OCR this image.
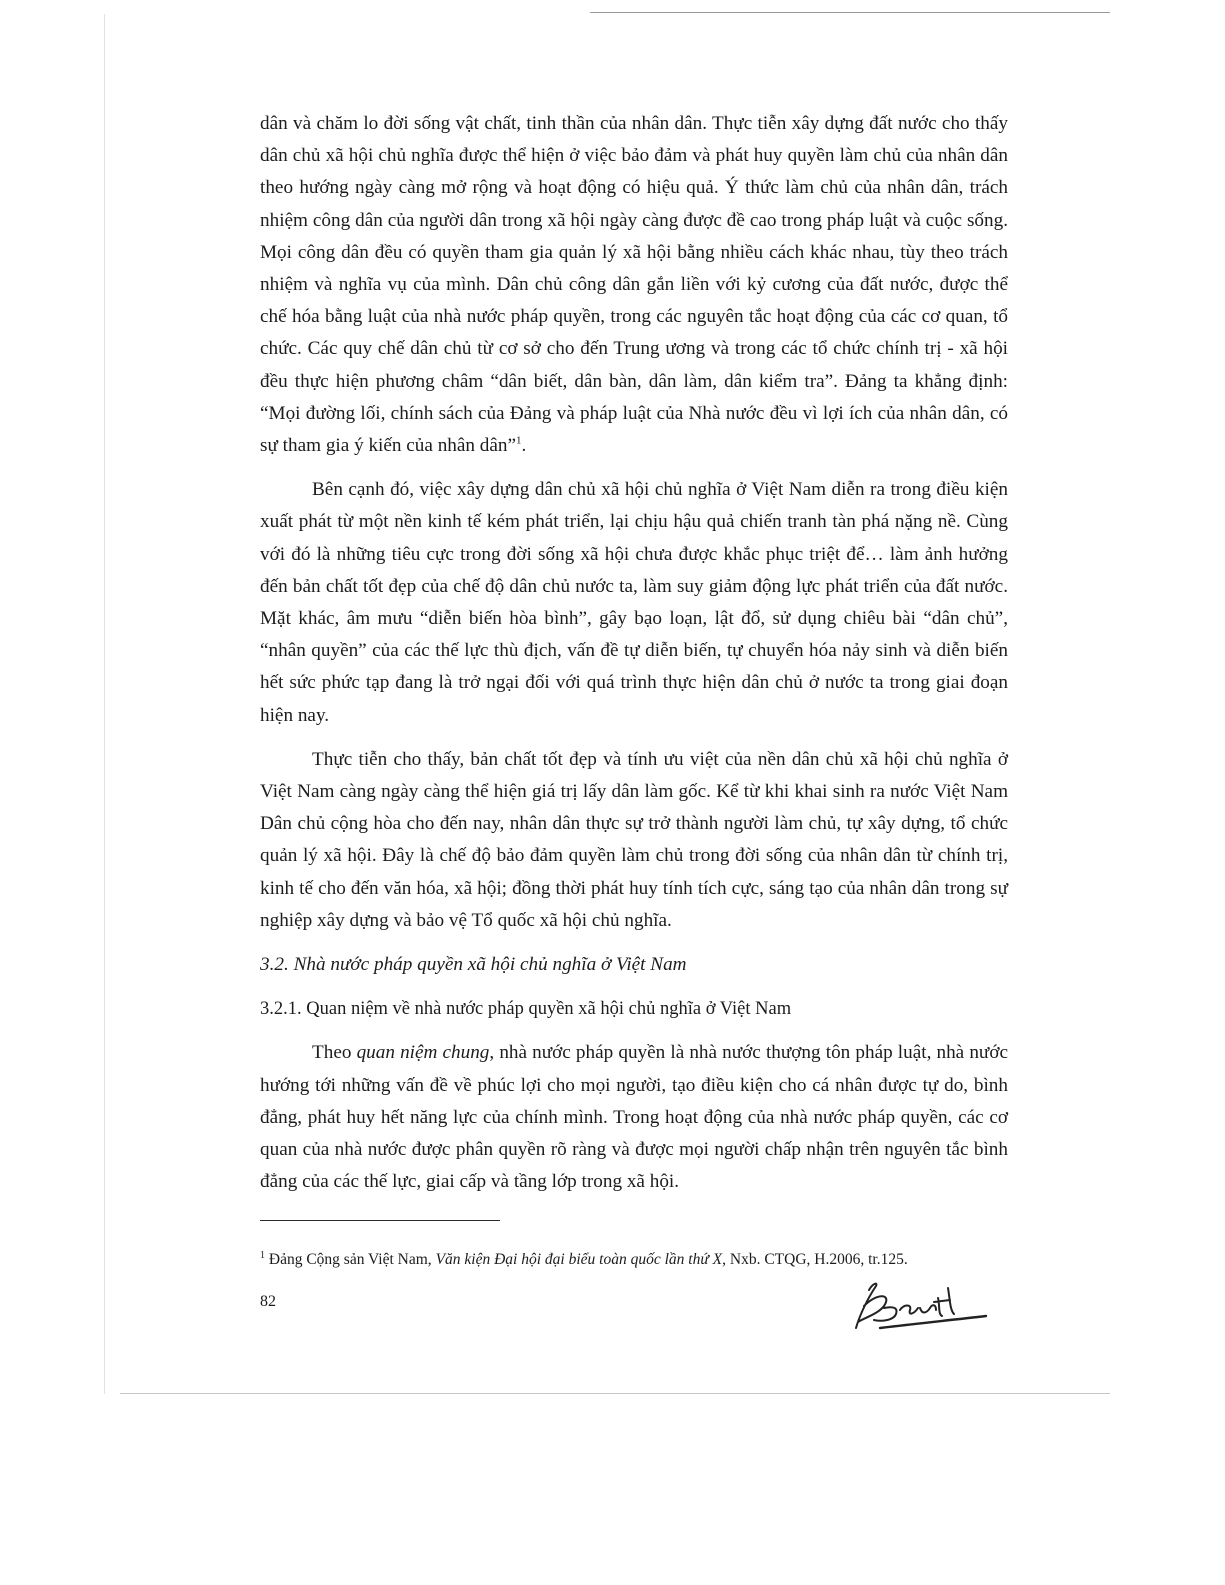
dân và chăm lo đời sống vật chất, tinh thần của nhân dân. Thực tiễn xây dựng đất nước cho thấy dân chủ xã hội chủ nghĩa được thể hiện ở việc bảo đảm và phát huy quyền làm chủ của nhân dân theo hướng ngày càng mở rộng và hoạt động có hiệu quả. Ý thức làm chủ của nhân dân, trách nhiệm công dân của người dân trong xã hội ngày càng được đề cao trong pháp luật và cuộc sống. Mọi công dân đều có quyền tham gia quản lý xã hội bằng nhiều cách khác nhau, tùy theo trách nhiệm và nghĩa vụ của mình. Dân chủ công dân gắn liền với kỷ cương của đất nước, được thể chế hóa bằng luật của nhà nước pháp quyền, trong các nguyên tắc hoạt động của các cơ quan, tổ chức. Các quy chế dân chủ từ cơ sở cho đến Trung ương và trong các tổ chức chính trị - xã hội đều thực hiện phương châm “dân biết, dân bàn, dân làm, dân kiểm tra”. Đảng ta khẳng định: “Mọi đường lối, chính sách của Đảng và pháp luật của Nhà nước đều vì lợi ích của nhân dân, có sự tham gia ý kiến của nhân dân”$^1$.

Bên cạnh đó, việc xây dựng dân chủ xã hội chủ nghĩa ở Việt Nam diễn ra trong điều kiện xuất phát từ một nền kinh tế kém phát triển, lại chịu hậu quả chiến tranh tàn phá nặng nề. Cùng với đó là những tiêu cực trong đời sống xã hội chưa được khắc phục triệt để… làm ảnh hưởng đến bản chất tốt đẹp của chế độ dân chủ nước ta, làm suy giảm động lực phát triển của đất nước. Mặt khác, âm mưu “diễn biến hòa bình”, gây bạo loạn, lật đổ, sử dụng chiêu bài “dân chủ”, “nhân quyền” của các thế lực thù địch, vấn đề tự diễn biến, tự chuyển hóa nảy sinh và diễn biến hết sức phức tạp đang là trở ngại đối với quá trình thực hiện dân chủ ở nước ta trong giai đoạn hiện nay.

Thực tiễn cho thấy, bản chất tốt đẹp và tính ưu việt của nền dân chủ xã hội chủ nghĩa ở Việt Nam càng ngày càng thể hiện giá trị lấy dân làm gốc. Kể từ khi khai sinh ra nước Việt Nam Dân chủ cộng hòa cho đến nay, nhân dân thực sự trở thành người làm chủ, tự xây dựng, tổ chức quản lý xã hội. Đây là chế độ bảo đảm quyền làm chủ trong đời sống của nhân dân từ chính trị, kinh tế cho đến văn hóa, xã hội; đồng thời phát huy tính tích cực, sáng tạo của nhân dân trong sự nghiệp xây dựng và bảo vệ Tổ quốc xã hội chủ nghĩa.

3.2. Nhà nước pháp quyền xã hội chủ nghĩa ở Việt Nam

3.2.1. Quan niệm về nhà nước pháp quyền xã hội chủ nghĩa ở Việt Nam

Theo quan niệm chung, nhà nước pháp quyền là nhà nước thượng tôn pháp luật, nhà nước hướng tới những vấn đề về phúc lợi cho mọi người, tạo điều kiện cho cá nhân được tự do, bình đẳng, phát huy hết năng lực của chính mình. Trong hoạt động của nhà nước pháp quyền, các cơ quan của nhà nước được phân quyền rõ ràng và được mọi người chấp nhận trên nguyên tắc bình đẳng của các thế lực, giai cấp và tầng lớp trong xã hội.

$^1$ Đảng Cộng sản Việt Nam, Văn kiện Đại hội đại biểu toàn quốc lần thứ X, Nxb. CTQG, H.2006, tr.125.
82
